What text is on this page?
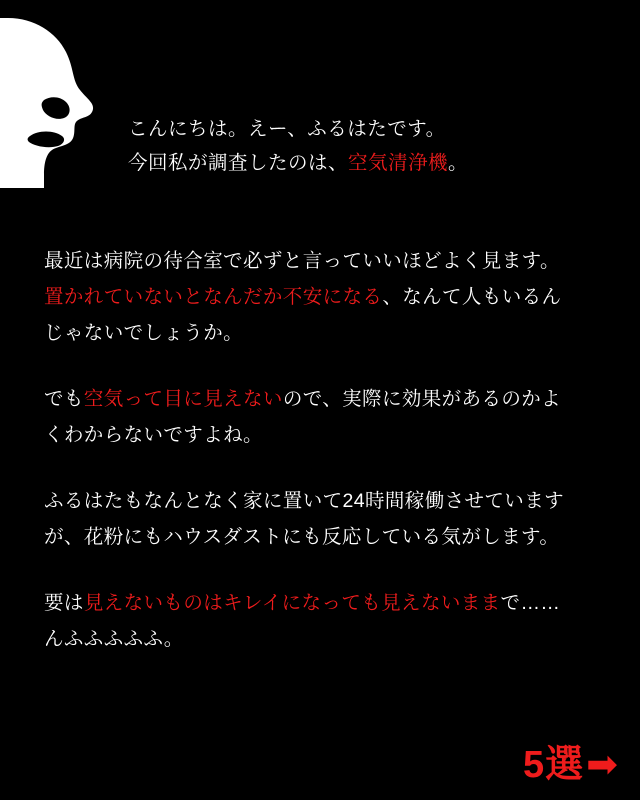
こんにちは。えー、ふるはたです。
今回私が調査したのは、空気清浄機。

最近は病院の待合室で必ずと言っていいほどよく見ます。
置かれていないとなんだか不安になる、なんて人もいるん
じゃないでしょうか。

でも空気って目に見えないので、実際に効果があるのかよ
くわからないですよね。

ふるはたもなんとなく家に置いて24時間稼働させています
が、花粉にもハウスダストにも反応している気がします。

要は見えないものはキレイになっても見えないままで……
んふふふふふ。

5選 ➡
